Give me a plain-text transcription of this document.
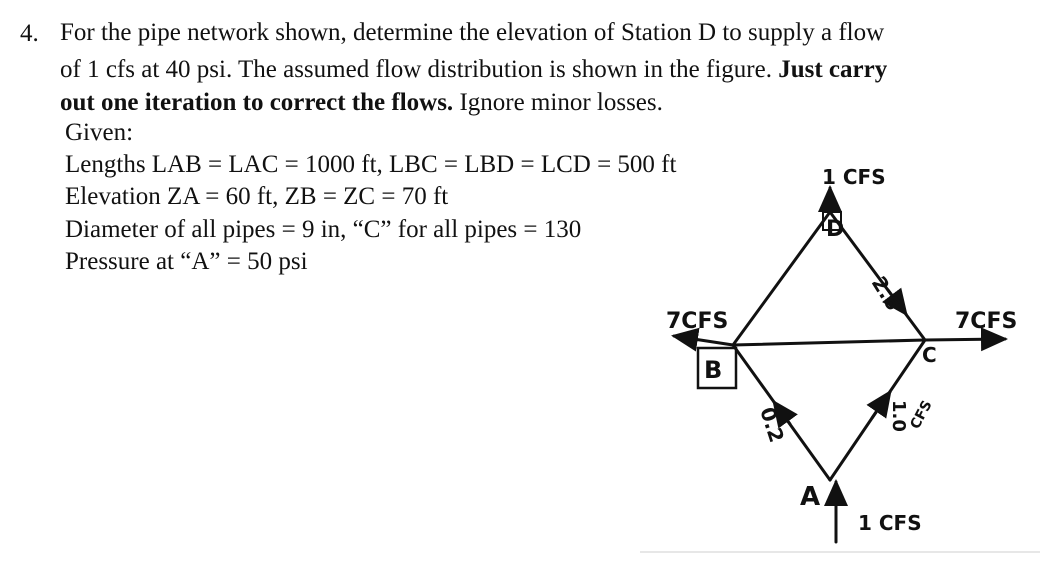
4. For the pipe network shown, determine the elevation of Station D to supply a flow
of 1 cfs at 40 psi. The assumed flow distribution is shown in the figure. Just carry
out one iteration to correct the flows. Ignore minor losses.
Given:
Lengths LAB = LAC = 1000 ft, LBC = LBD = LCD = 500 ft
Elevation ZA = 60 ft, ZB = ZC = 70 ft
Diameter of all pipes = 9 in, “C” for all pipes = 130
Pressure at “A” = 50 psi
1 CFS
D
2.6
7CFS	7CFS
B
C
0.2	1.0
CFS
A
1 CFS
